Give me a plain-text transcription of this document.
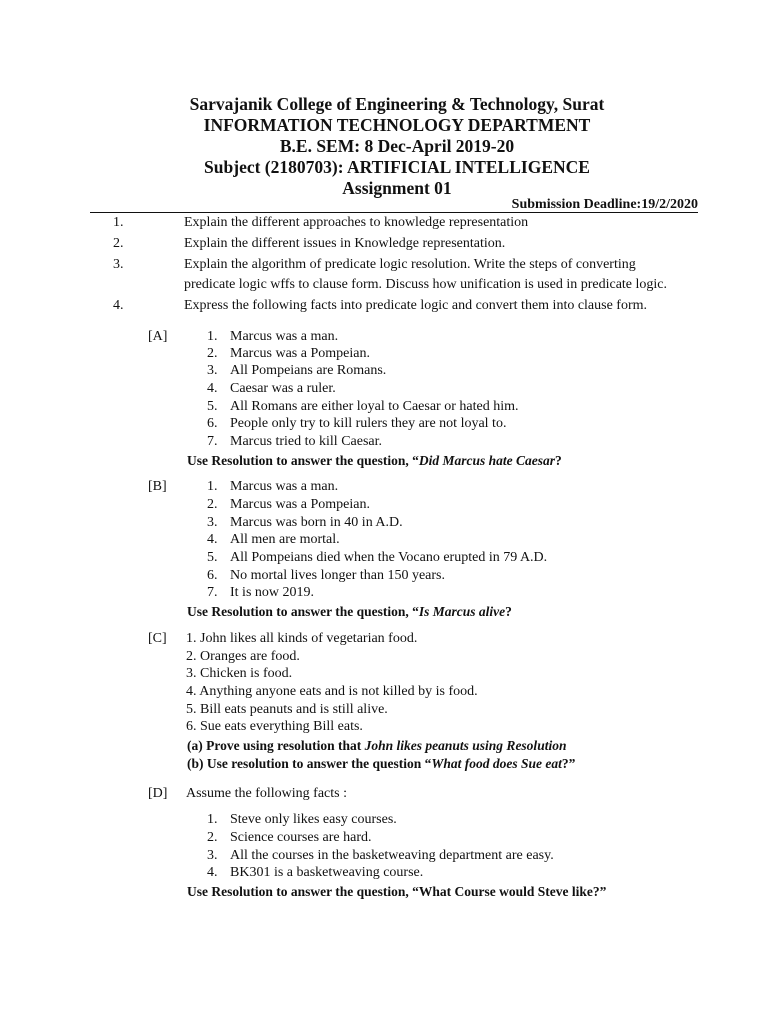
Sarvajanik College of Engineering & Technology, Surat
INFORMATION TECHNOLOGY DEPARTMENT
B.E. SEM: 8 Dec-April 2019-20
Subject (2180703): ARTIFICIAL INTELLIGENCE
Assignment 01
Submission Deadline:19/2/2020
1.	Explain the different approaches to knowledge representation
2.	Explain the different issues in Knowledge representation.
3.	Explain the algorithm of predicate logic resolution. Write the steps of converting
predicate logic wffs to clause form. Discuss how unification is used in predicate logic.
4.	Express the following facts into predicate logic and convert them into clause form.
[A]	1. Marcus was a man.
2. Marcus was a Pompeian.
3. All Pompeians are Romans.
4. Caesar was a ruler.
5. All Romans are either loyal to Caesar or hated him.
6. People only try to kill rulers they are not loyal to.
7. Marcus tried to kill Caesar.
Use Resolution to answer the question, “Did Marcus hate Caesar?
[B]	1. Marcus was a man.
2. Marcus was a Pompeian.
3. Marcus was born in 40 in A.D.
4. All men are mortal.
5. All Pompeians died when the Vocano erupted in 79 A.D.
6. No mortal lives longer than 150 years.
7. It is now 2019.
Use Resolution to answer the question, “Is Marcus alive?
[C] 1. John likes all kinds of vegetarian food.
2. Oranges are food.
3. Chicken is food.
4. Anything anyone eats and is not killed by is food.
5. Bill eats peanuts and is still alive.
6. Sue eats everything Bill eats.
(a) Prove using resolution that John likes peanuts using Resolution
(b) Use resolution to answer the question “What food does Sue eat?”
[D] Assume the following facts :
1. Steve only likes easy courses.
2. Science courses are hard.
3. All the courses in the basketweaving department are easy.
4. BK301 is a basketweaving course.
Use Resolution to answer the question, “What Course would Steve like?”
